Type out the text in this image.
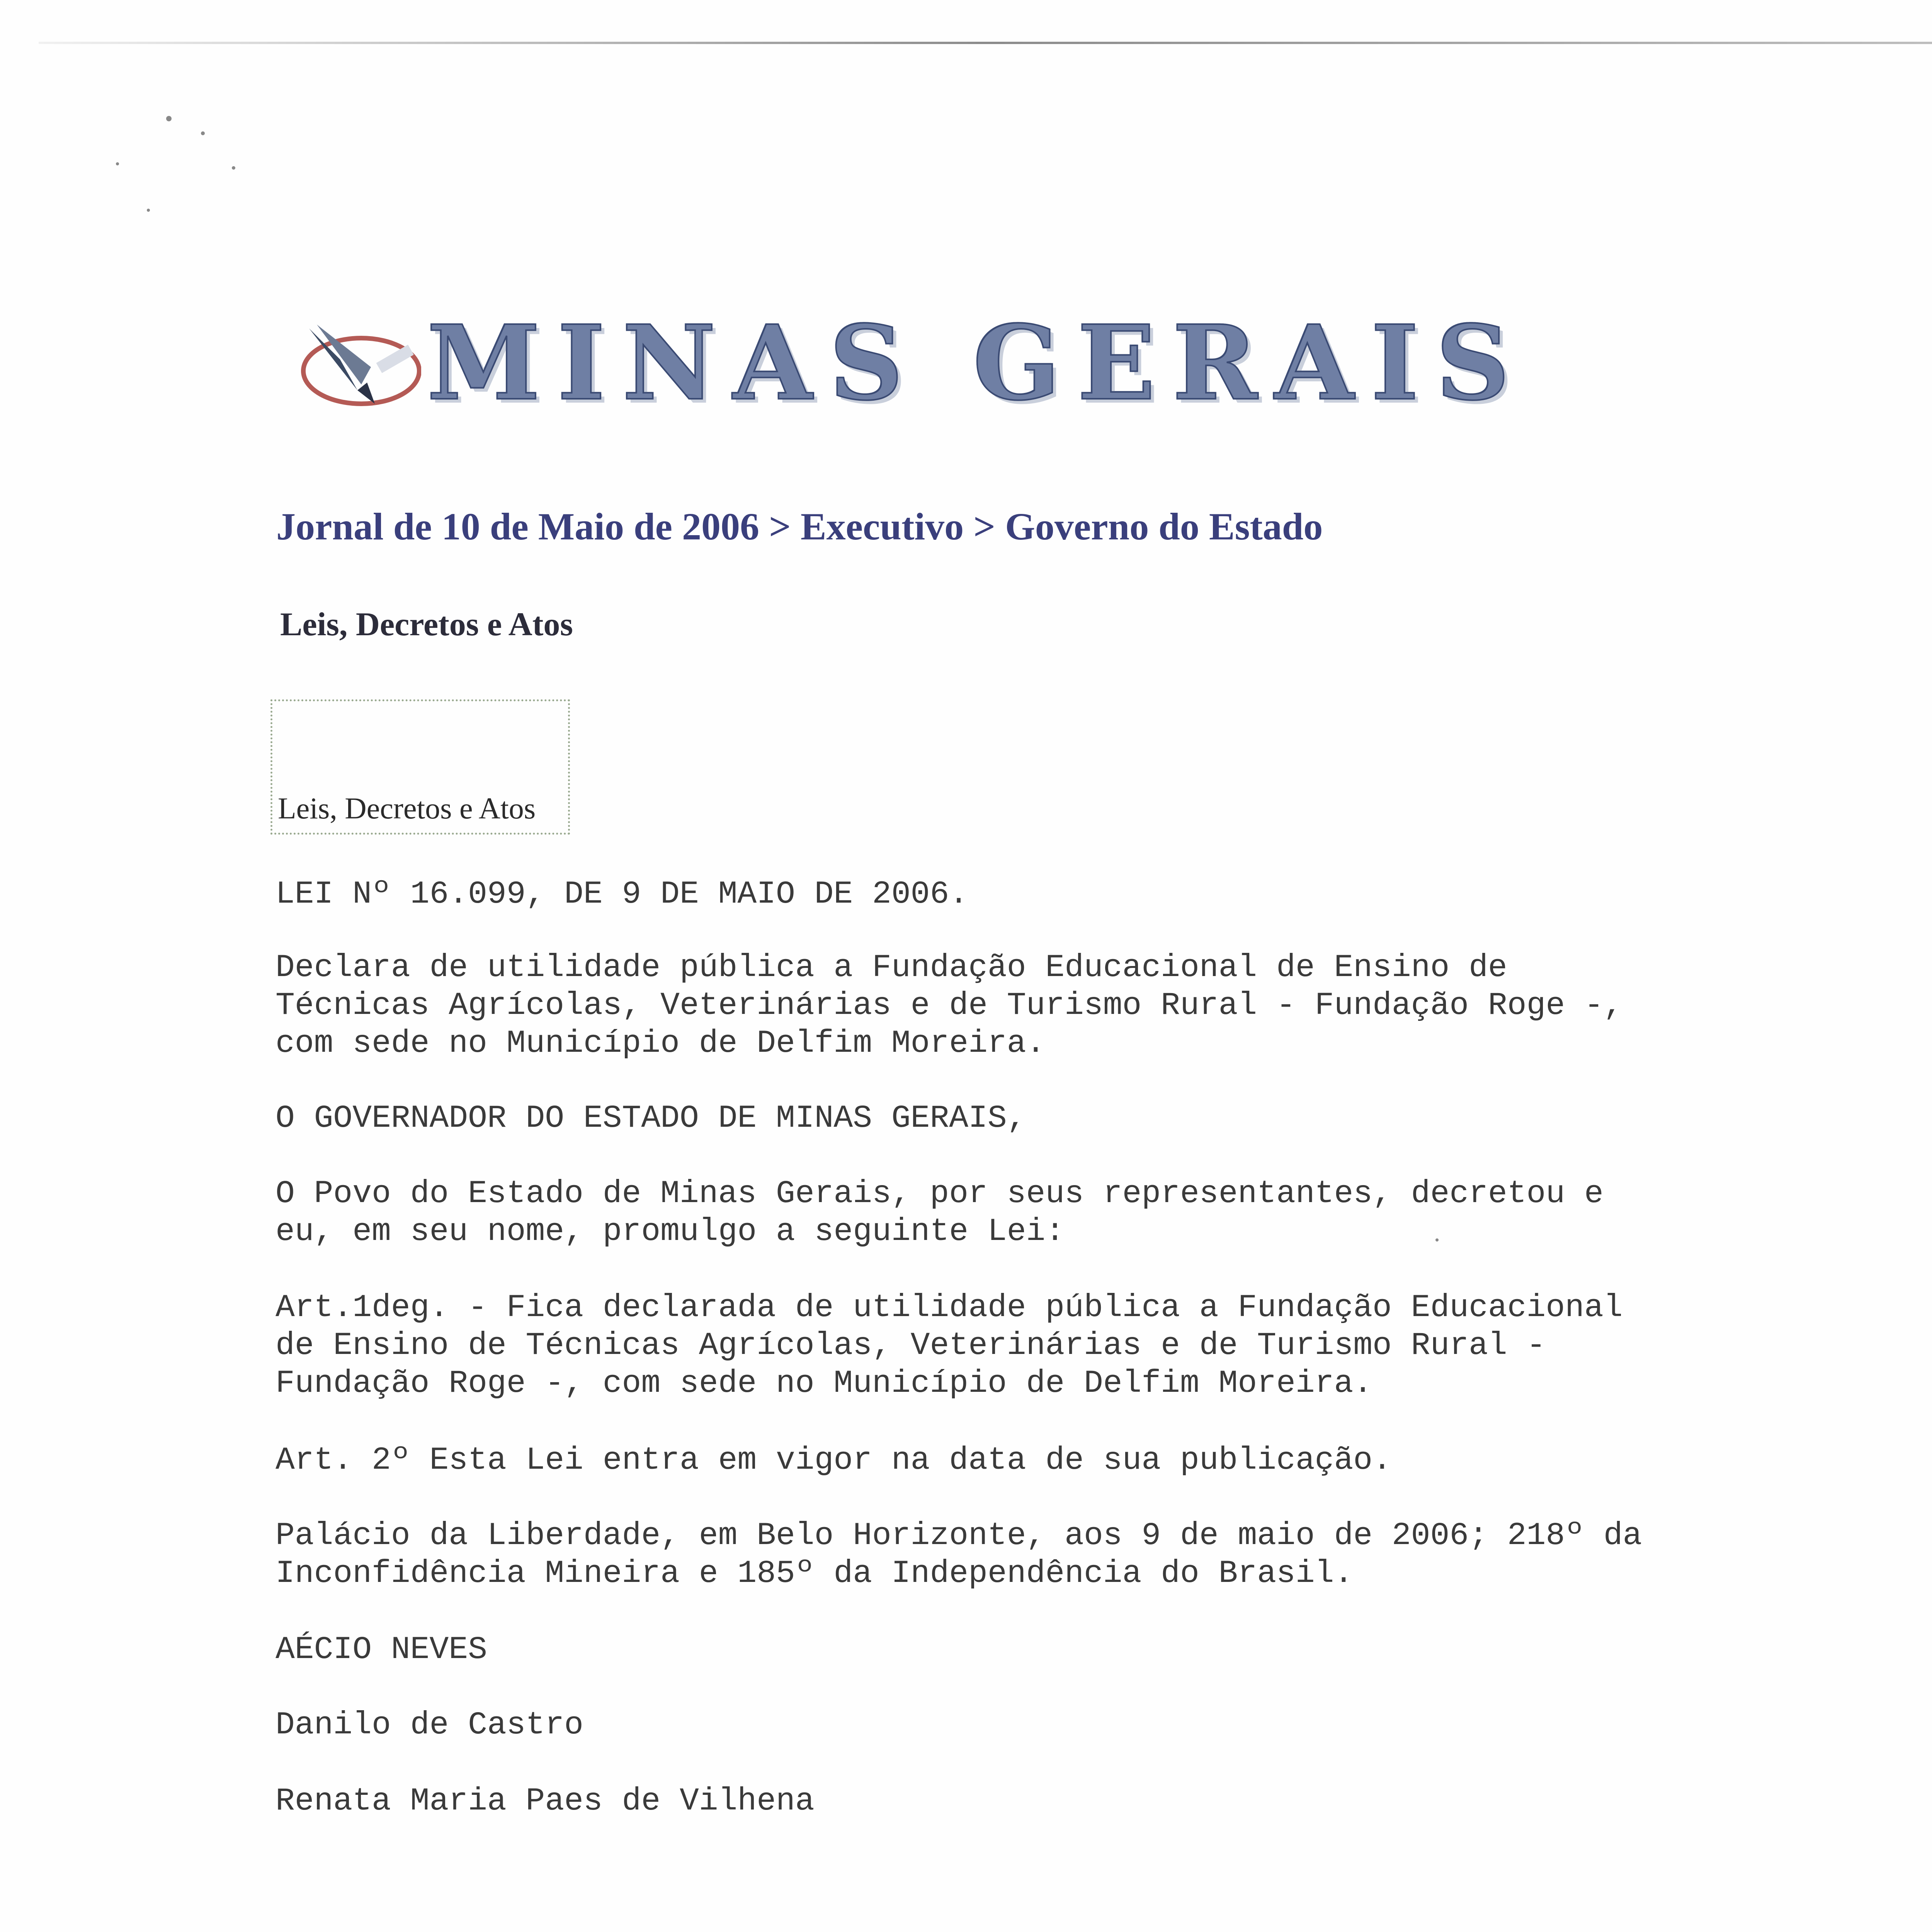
MINAS GERAIS
Jornal de 10 de Maio de 2006 > Executivo > Governo do Estado
Leis, Decretos e Atos
Leis, Decretos e Atos
LEI Nº 16.099, DE 9 DE MAIO DE 2006.
Declara de utilidade pública a Fundação Educacional de Ensino de
Técnicas Agrícolas, Veterinárias e de Turismo Rural - Fundação Roge -,
com sede no Município de Delfim Moreira.
O GOVERNADOR DO ESTADO DE MINAS GERAIS,
O Povo do Estado de Minas Gerais, por seus representantes, decretou e
eu, em seu nome, promulgo a seguinte Lei:
Art.1deg. - Fica declarada de utilidade pública a Fundação Educacional
de Ensino de Técnicas Agrícolas, Veterinárias e de Turismo Rural -
Fundação Roge -, com sede no Município de Delfim Moreira.
Art. 2º Esta Lei entra em vigor na data de sua publicação.
Palácio da Liberdade, em Belo Horizonte, aos 9 de maio de 2006; 218º da
Inconfidência Mineira e 185º da Independência do Brasil.
AÉCIO NEVES
Danilo de Castro
Renata Maria Paes de Vilhena
